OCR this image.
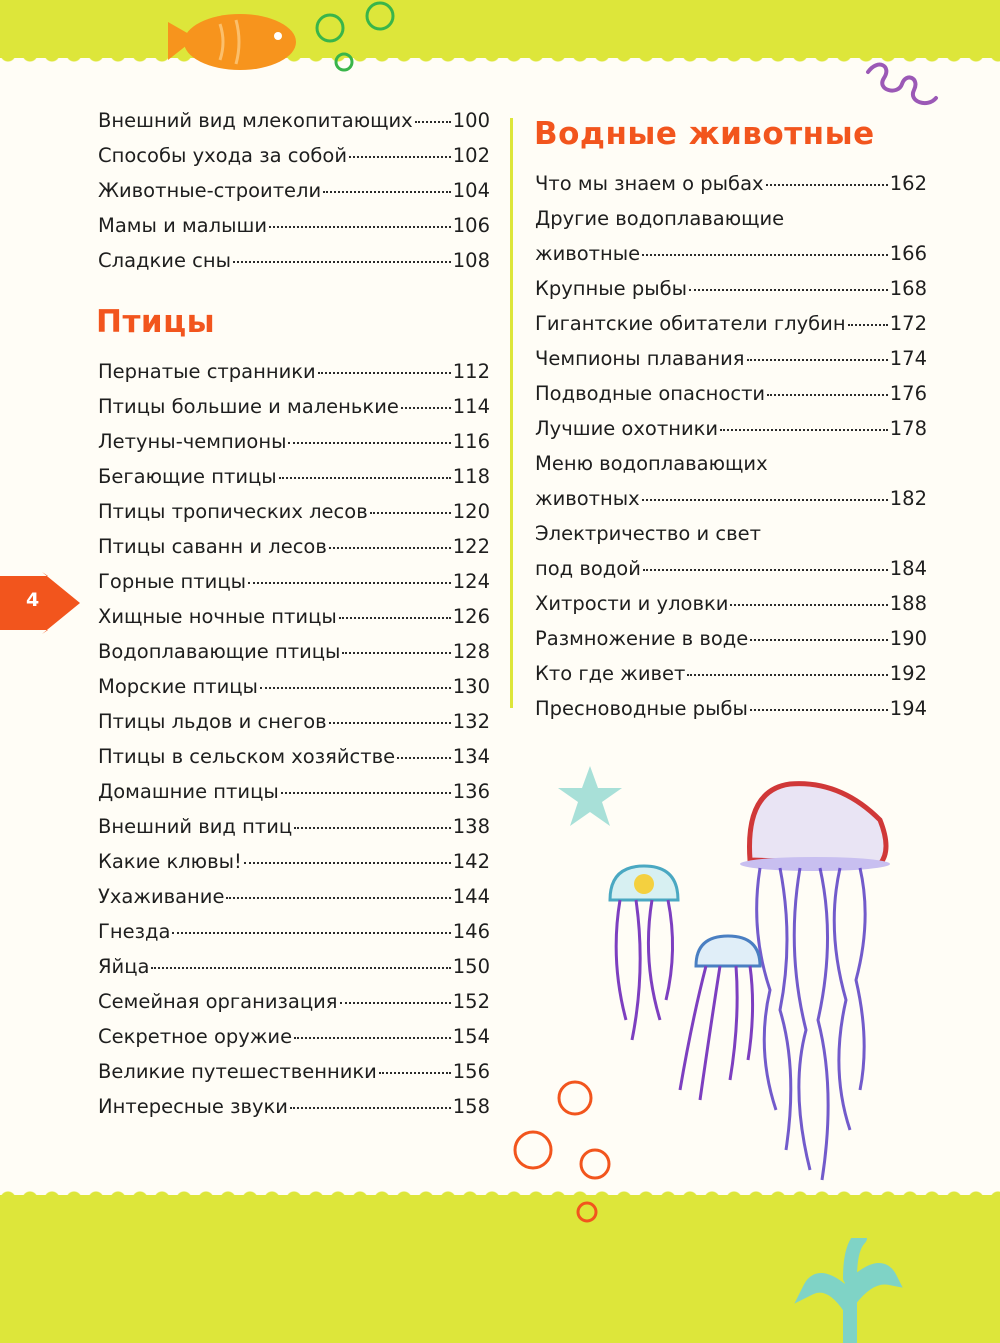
4
Внешний вид млекопитающих 100
Способы ухода за собой	102
Животные-строители	104
Мамы и малыши	106
Сладкие сны	108
Птицы
Пернатые странники	112
Птицы большие и маленькие	114
Летуны-чемпионы	116
Бегающие птицы	118
Птицы тропических лесов	120
Птицы саванн и лесов	122
Горные птицы	124
Хищные ночные птицы	126
Водоплавающие птицы	128
Морские птицы	130
Птицы льдов и снегов	132
Птицы в сельском хозяйстве	134
Домашние птицы	136
Внешний вид птиц	138
Какие клювы!	142
Ухаживание	144
Гнезда	146
Яйца	150
Семейная организация	152
Секретное оружие	154
Великие путешественники	156
Интересные звуки	158
Водные животные
Что мы знаем о рыбах	162
Другие водоплавающие
животные	166
Крупные рыбы	168
Гигантские обитатели глубин 172
Чемпионы плавания	174
Подводные опасности	176
Лучшие охотники	178
Меню водоплавающих
животных	182
Электричество и свет
под водой	184
Хитрости и уловки	188
Размножение в воде	190
Кто где живет	192
Пресноводные рыбы	194
